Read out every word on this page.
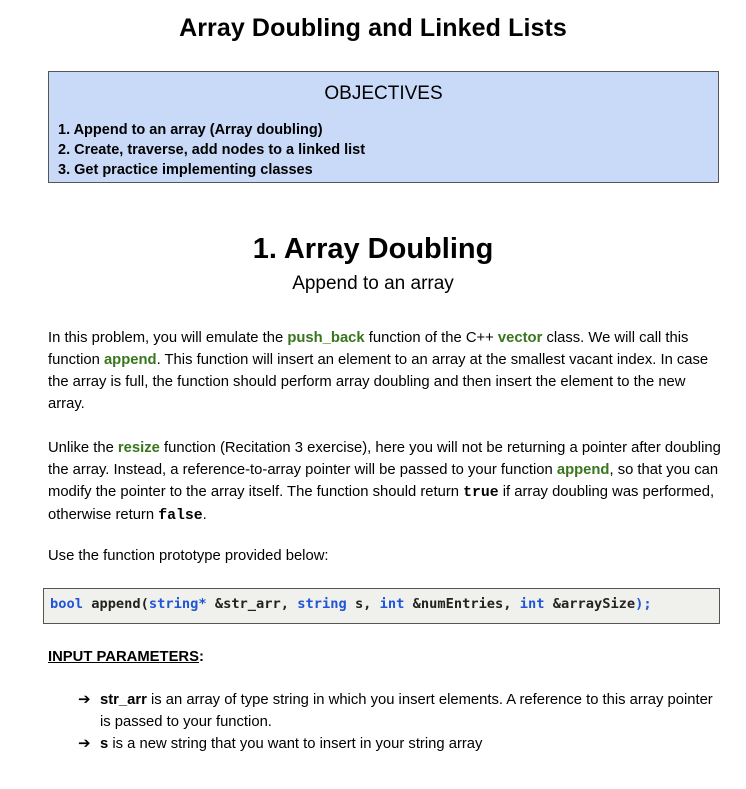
Array Doubling and Linked Lists
OBJECTIVES
1. Append to an array (Array doubling)
2. Create, traverse, add nodes to a linked list
3. Get practice implementing classes
1. Array Doubling
Append to an array
In this problem, you will emulate the push_back function of the C++ vector class. We will call this function append. This function will insert an element to an array at the smallest vacant index. In case the array is full, the function should perform array doubling and then insert the element to the new array.
Unlike the resize function (Recitation 3 exercise), here you will not be returning a pointer after doubling the array. Instead, a reference-to-array pointer will be passed to your function append, so that you can modify the pointer to the array itself. The function should return true if array doubling was performed, otherwise return false.
Use the function prototype provided below:
bool append(string* &str_arr, string s, int &numEntries, int &arraySize);
INPUT PARAMETERS:
➔ str_arr is an array of type string in which you insert elements. A reference to this array pointer is passed to your function.
➔ s is a new string that you want to insert in your string array
